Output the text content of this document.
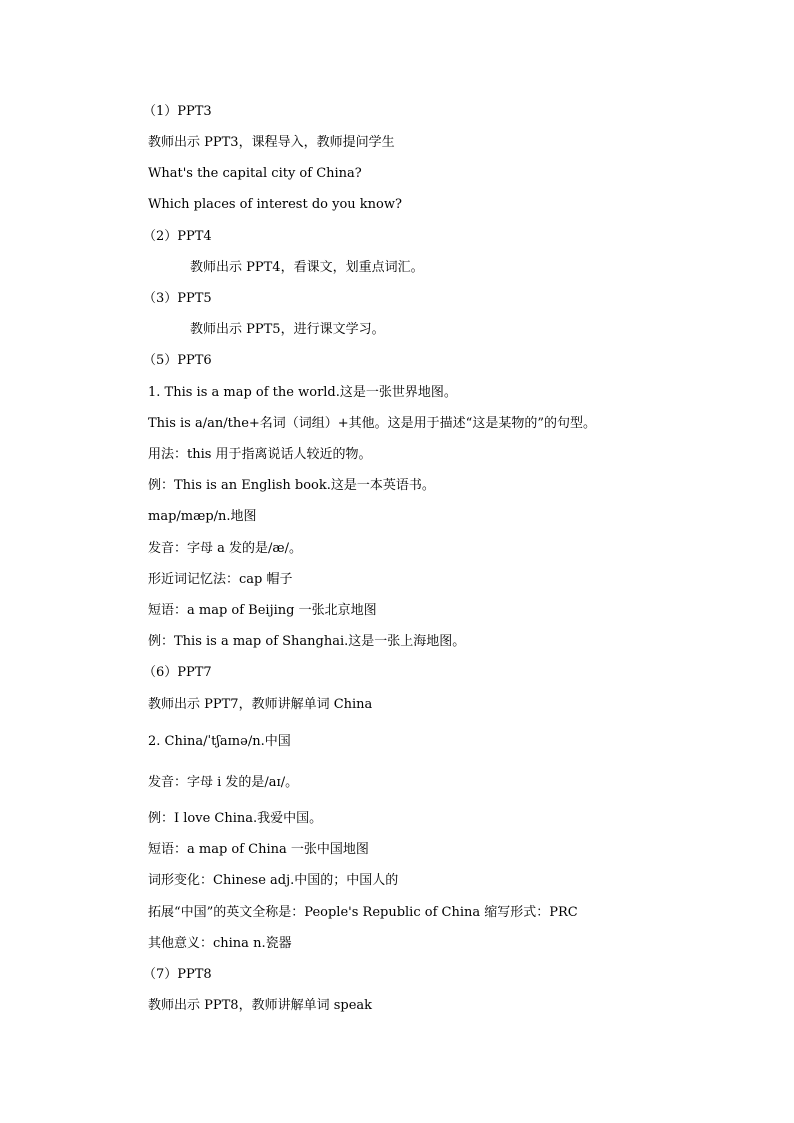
（1）PPT3
教师出示 PPT3，课程导入，教师提问学生
What's the capital city of China?
Which places of interest do you know?
（2）PPT4
教师出示 PPT4，看课文，划重点词汇。
（3）PPT5
教师出示 PPT5，进行课文学习。
（5）PPT6
1. This is a map of the world.这是一张世界地图。
This is a/an/the+名词（词组）+其他。这是用于描述“这是某物的”的句型。
用法：this 用于指离说话人较近的物。
例：This is an English book.这是一本英语书。
map/mæp/n.地图
发音：字母 a 发的是/æ/。
形近词记忆法：cap 帽子
短语：a map of Beijing 一张北京地图
例：This is a map of Shanghai.这是一张上海地图。
（6）PPT7
教师出示 PPT7，教师讲解单词 China
2. China/ˈtʃaɪnə/n.中国
发音：字母 i 发的是/aɪ/。
例：I love China.我爱中国。
短语：a map of China 一张中国地图
词形变化：Chinese adj.中国的；中国人的
拓展“中国”的英文全称是：People's Republic of China 缩写形式：PRC
其他意义：china n.瓷器
（7）PPT8
教师出示 PPT8，教师讲解单词 speak
